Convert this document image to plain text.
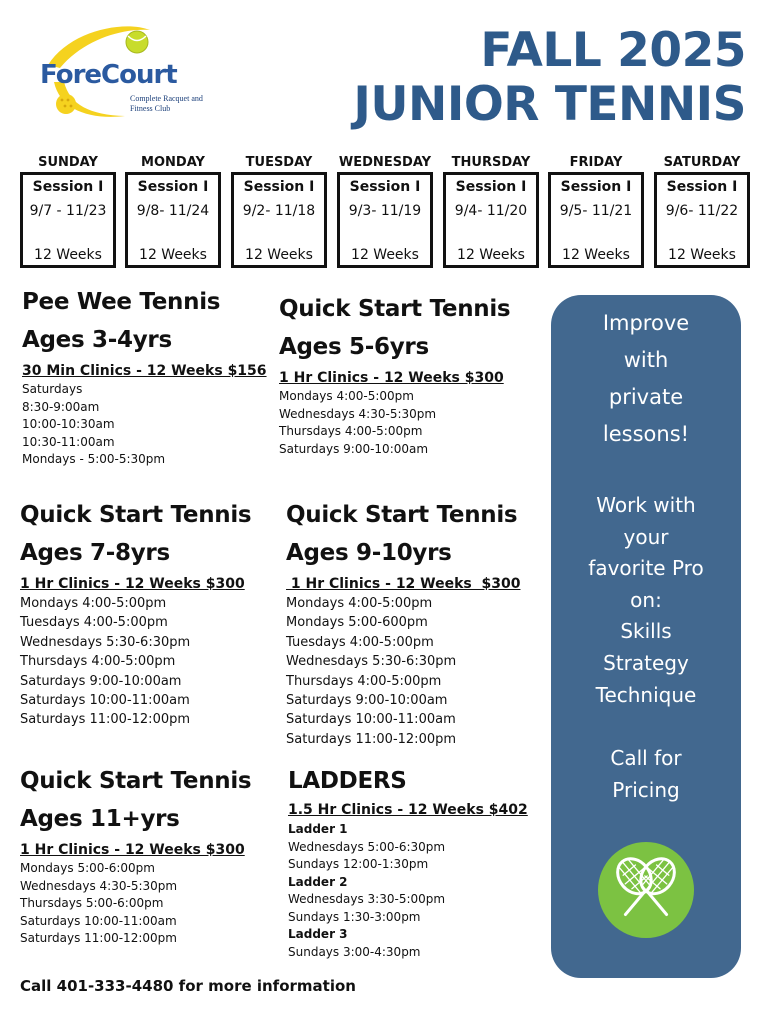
ForeCourt
Complete Racquet and Fitness Club
FALL 2025
JUNIOR TENNIS
SUNDAY
Session I
9/7 - 11/23
12 Weeks
MONDAY
Session I
9/8- 11/24
12 Weeks
TUESDAY
Session I
9/2- 11/18
12 Weeks
WEDNESDAY
Session I
9/3- 11/19
12 Weeks
THURSDAY
Session I
9/4- 11/20
12 Weeks
FRIDAY
Session I
9/5- 11/21
12 Weeks
SATURDAY
Session I
9/6- 11/22
12 Weeks
Pee Wee Tennis
Ages 3-4yrs
30 Min Clinics - 12 Weeks $156
Saturdays
8:30-9:00am
10:00-10:30am
10:30-11:00am
Mondays - 5:00-5:30pm
Quick Start Tennis
Ages 5-6yrs
1 Hr Clinics - 12 Weeks $300
Mondays 4:00-5:00pm
Wednesdays 4:30-5:30pm
Thursdays 4:00-5:00pm
Saturdays 9:00-10:00am
Quick Start Tennis
Ages 7-8yrs
1 Hr Clinics - 12 Weeks $300
Mondays 4:00-5:00pm
Tuesdays 4:00-5:00pm
Wednesdays 5:30-6:30pm
Thursdays 4:00-5:00pm
Saturdays 9:00-10:00am
Saturdays 10:00-11:00am
Saturdays 11:00-12:00pm
Quick Start Tennis
Ages 9-10yrs
1 Hr Clinics - 12 Weeks  $300
Mondays 4:00-5:00pm
Mondays 5:00-600pm
Tuesdays 4:00-5:00pm
Wednesdays 5:30-6:30pm
Thursdays 4:00-5:00pm
Saturdays 9:00-10:00am
Saturdays 10:00-11:00am
Saturdays 11:00-12:00pm
Quick Start Tennis
Ages 11+yrs
1 Hr Clinics - 12 Weeks $300
Mondays 5:00-6:00pm
Wednesdays 4:30-5:30pm
Thursdays 5:00-6:00pm
Saturdays 10:00-11:00am
Saturdays 11:00-12:00pm
LADDERS
1.5 Hr Clinics - 12 Weeks $402
Ladder 1
Wednesdays 5:00-6:30pm
Sundays 12:00-1:30pm
Ladder 2
Wednesdays 3:30-5:00pm
Sundays 1:30-3:00pm
Ladder 3
Sundays 3:00-4:30pm
Improve
with
private
lessons!
Work with
your
favorite Pro
on:
Skills
Strategy
Technique
Call for
Pricing
Call 401-333-4480 for more information
